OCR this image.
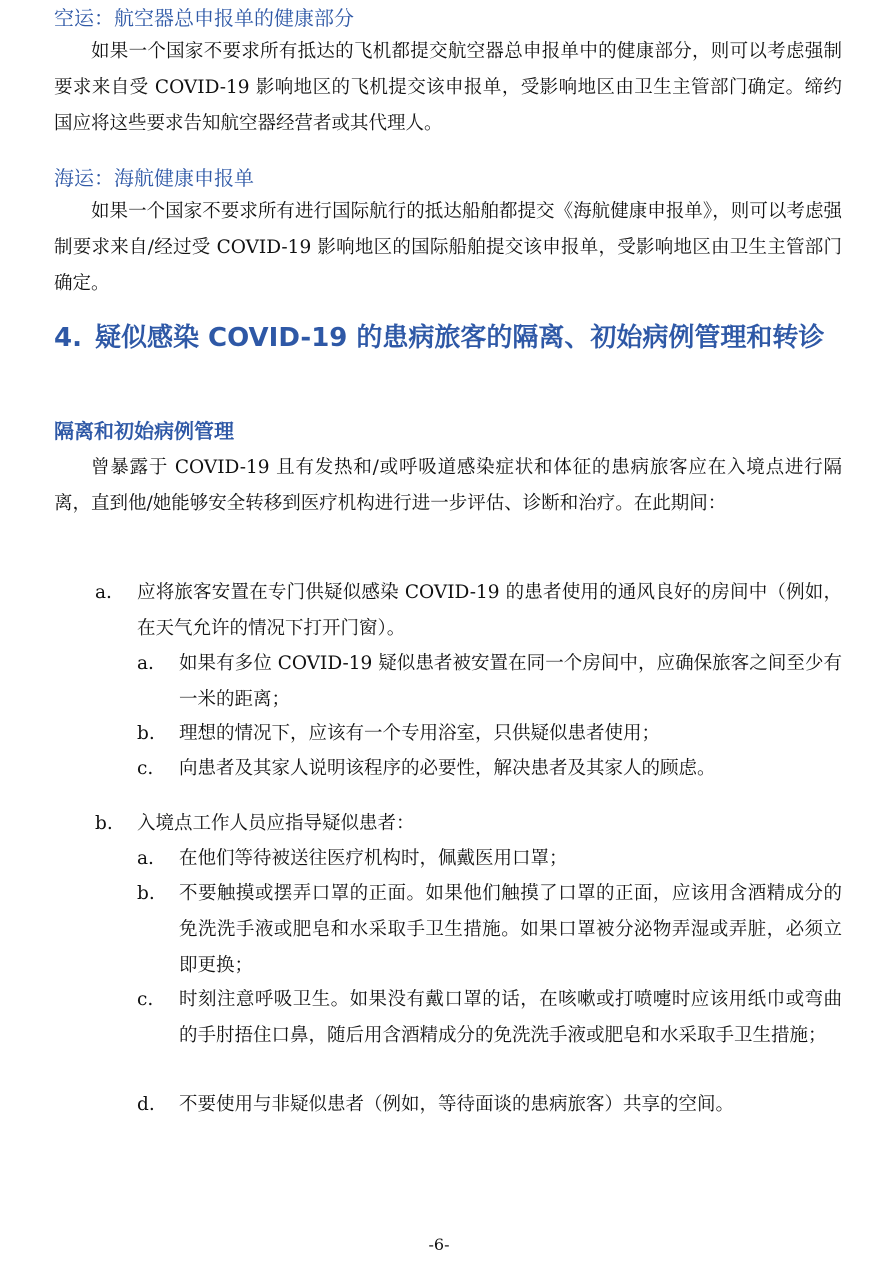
空运：航空器总申报单的健康部分

如果一个国家不要求所有抵达的飞机都提交航空器总申报单中的健康部分，则可以考虑强制要求来自受 COVID-19 影响地区的飞机提交该申报单，受影响地区由卫生主管部门确定。缔约国应将这些要求告知航空器经营者或其代理人。

海运：海航健康申报单

如果一个国家不要求所有进行国际航行的抵达船舶都提交《海航健康申报单》，则可以考虑强制要求来自/经过受 COVID-19 影响地区的国际船舶提交该申报单，受影响地区由卫生主管部门确定。

4. 疑似感染 COVID-19 的患病旅客的隔离、初始病例管理和转诊
隔离和初始病例管理

曾暴露于 COVID-19 且有发热和/或呼吸道感染症状和体征的患病旅客应在入境点进行隔离，直到他/她能够安全转移到医疗机构进行进一步评估、诊断和治疗。在此期间：

a.	应将旅客安置在专门供疑似感染 COVID-19 的患者使用的通风良好的房间中（例如，在天气允许的情况下打开门窗）。
a.	如果有多位 COVID-19 疑似患者被安置在同一个房间中，应确保旅客之间至少有一米的距离；
b.	理想的情况下，应该有一个专用浴室，只供疑似患者使用；
c.	向患者及其家人说明该程序的必要性，解决患者及其家人的顾虑。
b.	入境点工作人员应指导疑似患者：
a.	在他们等待被送往医疗机构时，佩戴医用口罩；
b.	不要触摸或摆弄口罩的正面。如果他们触摸了口罩的正面，应该用含酒精成分的免洗洗手液或肥皂和水采取手卫生措施。如果口罩被分泌物弄湿或弄脏，必须立即更换；
c.	时刻注意呼吸卫生。如果没有戴口罩的话，在咳嗽或打喷嚏时应该用纸巾或弯曲的手肘捂住口鼻，随后用含酒精成分的免洗洗手液或肥皂和水采取手卫生措施；
d.	不要使用与非疑似患者（例如，等待面谈的患病旅客）共享的空间。
-6-
